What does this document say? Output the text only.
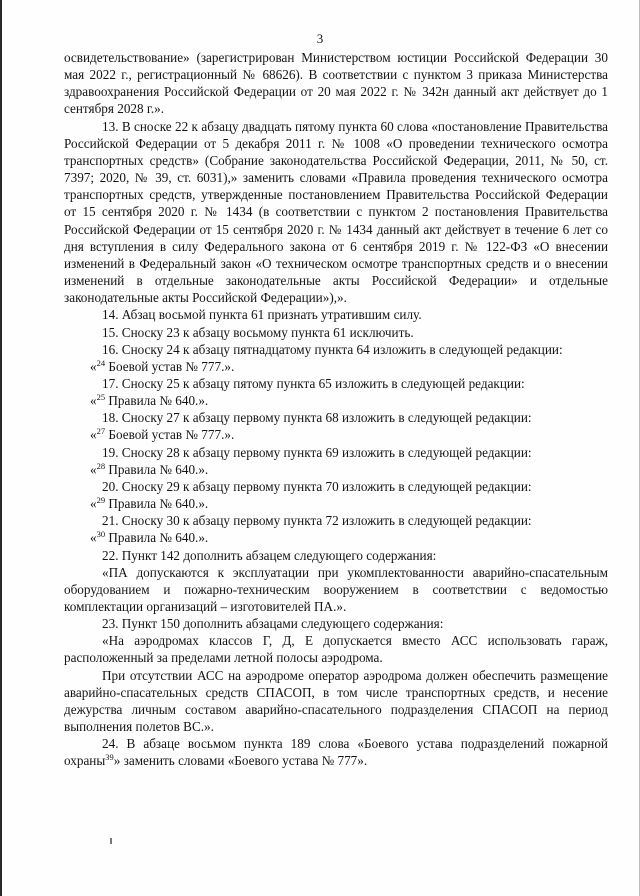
3

освидетельствование» (зарегистрирован Министерством юстиции Российской Федерации 30 мая 2022 г., регистрационный № 68626). В соответствии с пунктом 3 приказа Министерства здравоохранения Российской Федерации от 20 мая 2022 г. № 342н данный акт действует до 1 сентября 2028 г.».

13. В сноске 22 к абзацу двадцать пятому пункта 60 слова «постановление Правительства Российской Федерации от 5 декабря 2011 г. № 1008 «О проведении технического осмотра транспортных средств» (Собрание законодательства Российской Федерации, 2011, № 50, ст. 7397; 2020, № 39, ст. 6031),» заменить словами «Правила проведения технического осмотра транспортных средств, утвержденные постановлением Правительства Российской Федерации от 15 сентября 2020 г. № 1434 (в соответствии с пунктом 2 постановления Правительства Российской Федерации от 15 сентября 2020 г. № 1434 данный акт действует в течение 6 лет со дня вступления в силу Федерального закона от 6 сентября 2019 г. № 122-ФЗ «О внесении изменений в Федеральный закон «О техническом осмотре транспортных средств и о внесении изменений в отдельные законодательные акты Российской Федерации» и отдельные законодательные акты Российской Федерации»),».

14. Абзац восьмой пункта 61 признать утратившим силу.

15. Сноску 23 к абзацу восьмому пункта 61 исключить.

16. Сноску 24 к абзацу пятнадцатому пункта 64 изложить в следующей редакции:

«$^{24}$ Боевой устав № 777.».

17. Сноску 25 к абзацу пятому пункта 65 изложить в следующей редакции:

«$^{25}$ Правила № 640.».

18. Сноску 27 к абзацу первому пункта 68 изложить в следующей редакции:

«$^{27}$ Боевой устав № 777.».

19. Сноску 28 к абзацу первому пункта 69 изложить в следующей редакции:

«$^{28}$ Правила № 640.».

20. Сноску 29 к абзацу первому пункта 70 изложить в следующей редакции:

«$^{29}$ Правила № 640.».

21. Сноску 30 к абзацу первому пункта 72 изложить в следующей редакции:

«$^{30}$ Правила № 640.».

22. Пункт 142 дополнить абзацем следующего содержания:

«ПА допускаются к эксплуатации при укомплектованности аварийно-спасательным оборудованием и пожарно-техническим вооружением в соответствии с ведомостью комплектации организаций – изготовителей ПА.».

23. Пункт 150 дополнить абзацами следующего содержания:

«На аэродромах классов Г, Д, Е допускается вместо АСС использовать гараж, расположенный за пределами летной полосы аэродрома.

При отсутствии АСС на аэродроме оператор аэродрома должен обеспечить размещение аварийно-спасательных средств СПАСОП, в том числе транспортных средств, и несение дежурства личным составом аварийно-спасательного подразделения СПАСОП на период выполнения полетов ВС.».

24. В абзаце восьмом пункта 189 слова «Боевого устава подразделений пожарной охраны$^{39}$» заменить словами «Боевого устава № 777».
